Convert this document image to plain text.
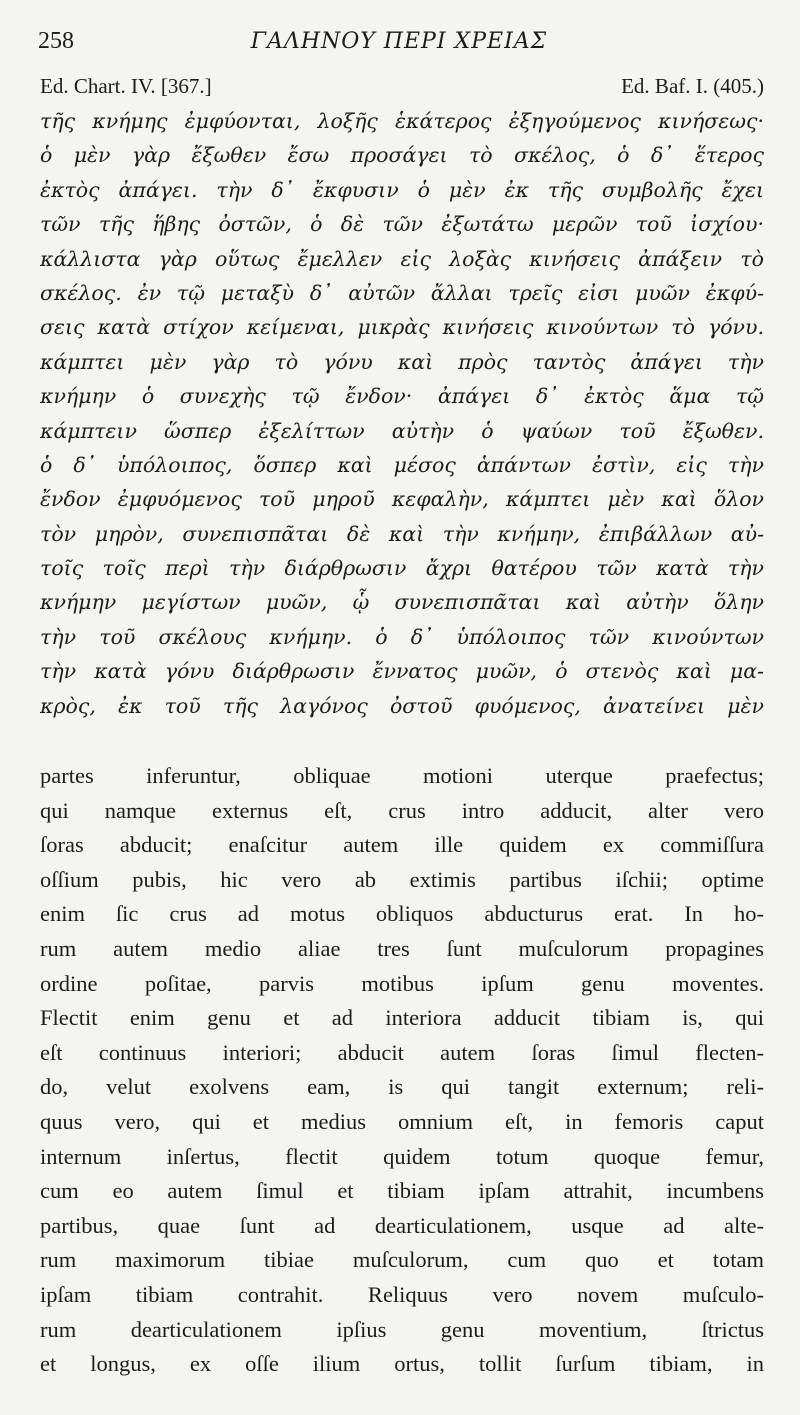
258	ΓΑΛΗΝΟΥ ΠΕΡΙ ΧΡΕΙΑΣ
Ed. Chart. IV. [367.]	Ed. Baf. I. (405.)
τῆς κνήμης ἐμφύονται, λοξῆς ἑκάτερος ἐξηγούμενος κινήσεως·
ὁ μὲν γὰρ ἔξωθεν ἔσω προσάγει τὸ σκέλος, ὁ δ᾽ ἕτερος
ἐκτὸς ἀπάγει. τὴν δ᾽ ἔκφυσιν ὁ μὲν ἐκ τῆς συμβολῆς ἔχει
τῶν τῆς ἥβης ὀστῶν, ὁ δὲ τῶν ἐξωτάτω μερῶν τοῦ ἰσχίου·
κάλλιστα γὰρ οὕτως ἔμελλεν εἰς λοξὰς κινήσεις ἀπάξειν τὸ
σκέλος. ἐν τῷ μεταξὺ δ᾽ αὐτῶν ἄλλαι τρεῖς εἰσι μυῶν ἐκφύ-
σεις κατὰ στίχον κείμεναι, μικρὰς κινήσεις κινούντων τὸ γόνυ.
κάμπτει μὲν γὰρ τὸ γόνυ καὶ πρὸς ταντὸς ἀπάγει τὴν
κνήμην ὁ συνεχὴς τῷ ἔνδον· ἀπάγει δ᾽ ἐκτὸς ἅμα τῷ
κάμπτειν ὥσπερ ἐξελίττων αὐτὴν ὁ ψαύων τοῦ ἔξωθεν.
ὁ δ᾽ ὑπόλοιπος, ὅσπερ καὶ μέσος ἁπάντων ἐστὶν, εἰς τὴν
ἔνδον ἐμφυόμενος τοῦ μηροῦ κεφαλὴν, κάμπτει μὲν καὶ ὅλον
τὸν μηρὸν, συνεπισπᾶται δὲ καὶ τὴν κνήμην, ἐπιβάλλων αὐ-
τοῖς τοῖς περὶ τὴν διάρθρωσιν ἄχρι θατέρου τῶν κατὰ τὴν
κνήμην μεγίστων μυῶν, ᾧ συνεπισπᾶται καὶ αὐτὴν ὅλην
τὴν τοῦ σκέλους κνήμην. ὁ δ᾽ ὑπόλοιπος τῶν κινούντων
τὴν κατὰ γόνυ διάρθρωσιν ἔννατος μυῶν, ὁ στενὸς καὶ μα-
κρὸς, ἐκ τοῦ τῆς λαγόνος ὀστοῦ φυόμενος, ἀνατείνει μὲν
partes inferuntur, obliquae motioni uterque praefectus;
qui namque externus eſt, crus intro adducit, alter vero
ſoras abducit; enaſcitur autem ille quidem ex commiſſura
oſſium pubis, hic vero ab extimis partibus iſchii; optime
enim ſic crus ad motus obliquos abducturus erat. In ho-
rum autem medio aliae tres ſunt muſculorum propagines
ordine poſitae, parvis motibus ipſum genu moventes.
Flectit enim genu et ad interiora adducit tibiam is, qui
eſt continuus interiori; abducit autem ſoras ſimul flecten-
do, velut exolvens eam, is qui tangit externum; reli-
quus vero, qui et medius omnium eſt, in femoris caput
internum inſertus, flectit quidem totum quoque femur,
cum eo autem ſimul et tibiam ipſam attrahit, incumbens
partibus, quae ſunt ad dearticulationem, usque ad alte-
rum maximorum tibiae muſculorum, cum quo et totam
ipſam tibiam contrahit. Reliquus vero novem muſculo-
rum dearticulationem ipſius genu moventium, ſtrictus
et longus, ex oſſe ilium ortus, tollit ſurſum tibiam, in
